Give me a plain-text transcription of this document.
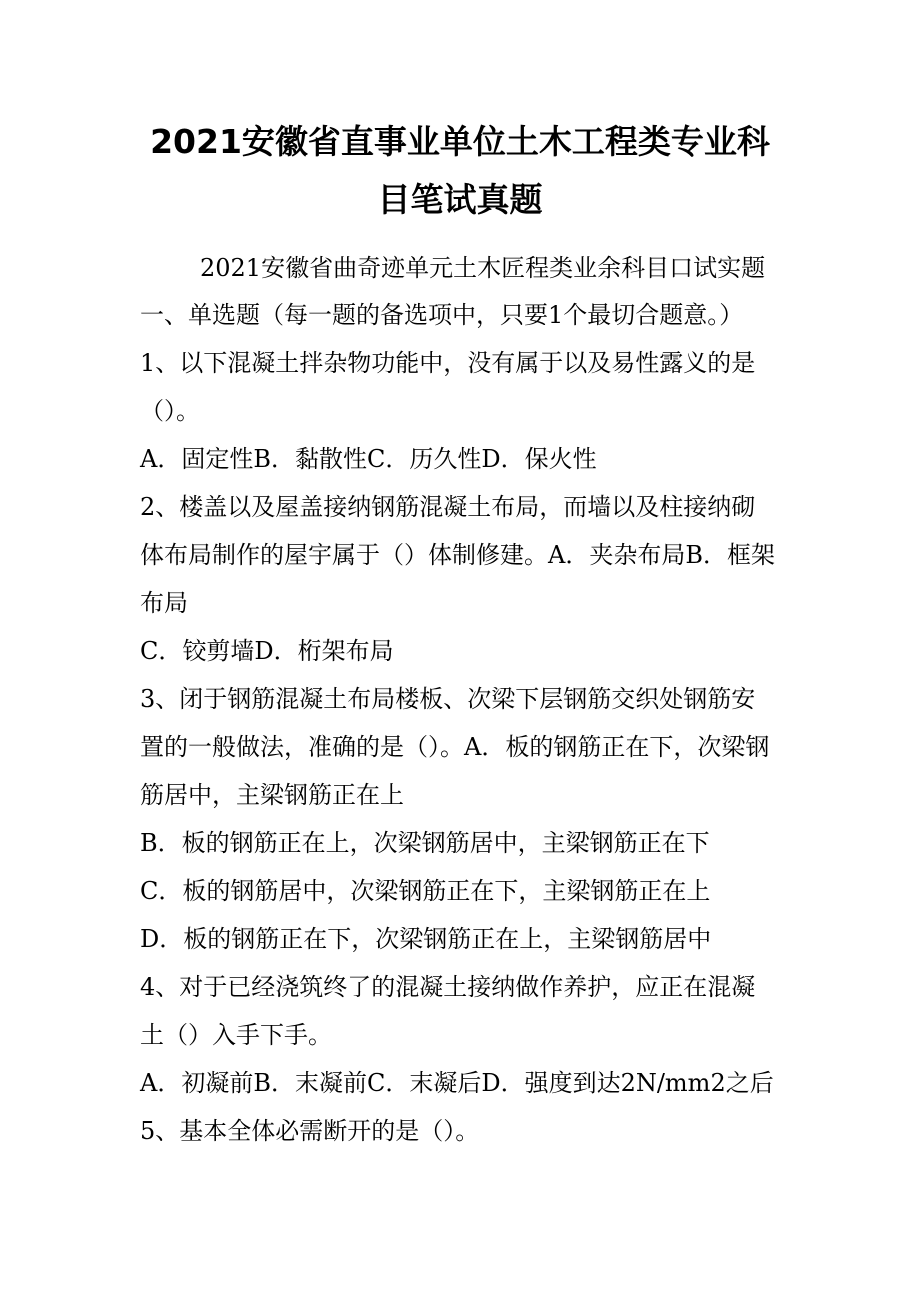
2021安徽省直事业单位土木工程类专业科
目笔试真题

2021安徽省曲奇迹单元土木匠程类业余科目口试实题

一、单选题（每一题的备选项中，只要1个最切合题意。）

1、以下混凝土拌杂物功能中，没有属于以及易性露义的是

（）。

A．固定性B．黏散性C．历久性D．保火性

2、楼盖以及屋盖接纳钢筋混凝土布局，而墙以及柱接纳砌

体布局制作的屋宇属于（）体制修建。A．夹杂布局B．框架

布局

C．铰剪墙D．桁架布局

3、闭于钢筋混凝土布局楼板、次梁下层钢筋交织处钢筋安

置的一般做法，准确的是（）。A．板的钢筋正在下，次梁钢

筋居中，主梁钢筋正在上

B．板的钢筋正在上，次梁钢筋居中，主梁钢筋正在下

C．板的钢筋居中，次梁钢筋正在下，主梁钢筋正在上

D．板的钢筋正在下，次梁钢筋正在上，主梁钢筋居中

4、对于已经浇筑终了的混凝土接纳做作养护，应正在混凝

土（）入手下手。

A．初凝前B．末凝前C．末凝后D．强度到达2N/mm2之后

5、基本全体必需断开的是（）。
